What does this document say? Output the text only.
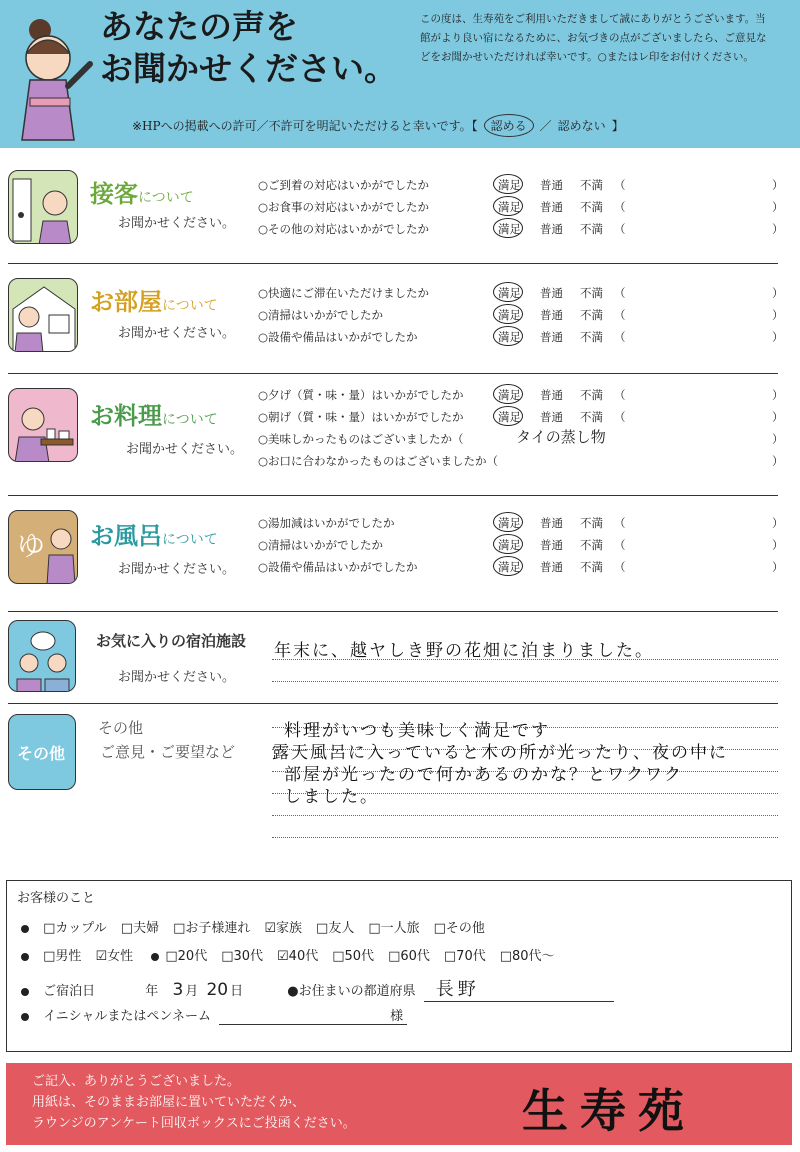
あなたの声を
お聞かせください。
この度は、生寿苑をご利用いただきまして誠にありがとうございます。当館がより良い宿になるために、お気づきの点がございましたら、ご意見などをお聞かせいただければ幸いです。○またはレ印をお付けください。
※HPへの掲載への許可／不許可を明記いただけると幸いです。【 認める ／ 認めない 】
接客について
お聞かせください。
○ご到着の対応はいかがでしたか	満足 普通 不満 （	）
○お食事の対応はいかがでしたか	満足 普通 不満 （	）
○その他の対応はいかがでしたか	満足 普通 不満 （	）
お部屋について
お聞かせください。
○快適にご滞在いただけましたか	満足 普通 不満 （	）
○清掃はいかがでしたか	満足 普通 不満 （	）
○設備や備品はいかがでしたか	満足 普通 不満 （	）
お料理について
お聞かせください。
○夕げ（質・味・量）はいかがでしたか	満足 普通 不満 （	）
○朝げ（質・味・量）はいかがでしたか	満足 普通 不満 （	）
○美味しかったものはございましたか（	タイの蒸し物	）
○お口に合わなかったものはございましたか（	）
ゆ お風呂について
お聞かせください。
○湯加減はいかがでしたか	満足 普通 不満 （	）
○清掃はいかがでしたか	満足 普通 不満 （	）
○設備や備品はいかがでしたか	満足 普通 不満 （	）
お気に入りの宿泊施設
お聞かせください。
年末に、越ヤしき野の花畑に泊まりました。
その他
その他
ご意見・ご要望など
料理がいつも美味しく満足です
露天風呂に入っていると木の所が光ったり、夜の中に
部屋が光ったので何かあるのかな？とワクワク
しました。
お客様のこと
□カップル □夫婦 □お子様連れ ☑家族 □友人 □一人旅 □その他
□男性 ☑女性 □20代 □30代 ☑40代 □50代 □60代 □70代 □80代〜
ご宿泊日	年 3 月 20 日	●お住まいの都道府県 長野
イニシャルまたはペンネーム	様
ご記入、ありがとうございました。
用紙は、そのままお部屋に置いていただくか、
ラウンジのアンケート回収ボックスにご投函ください。	生寿苑
